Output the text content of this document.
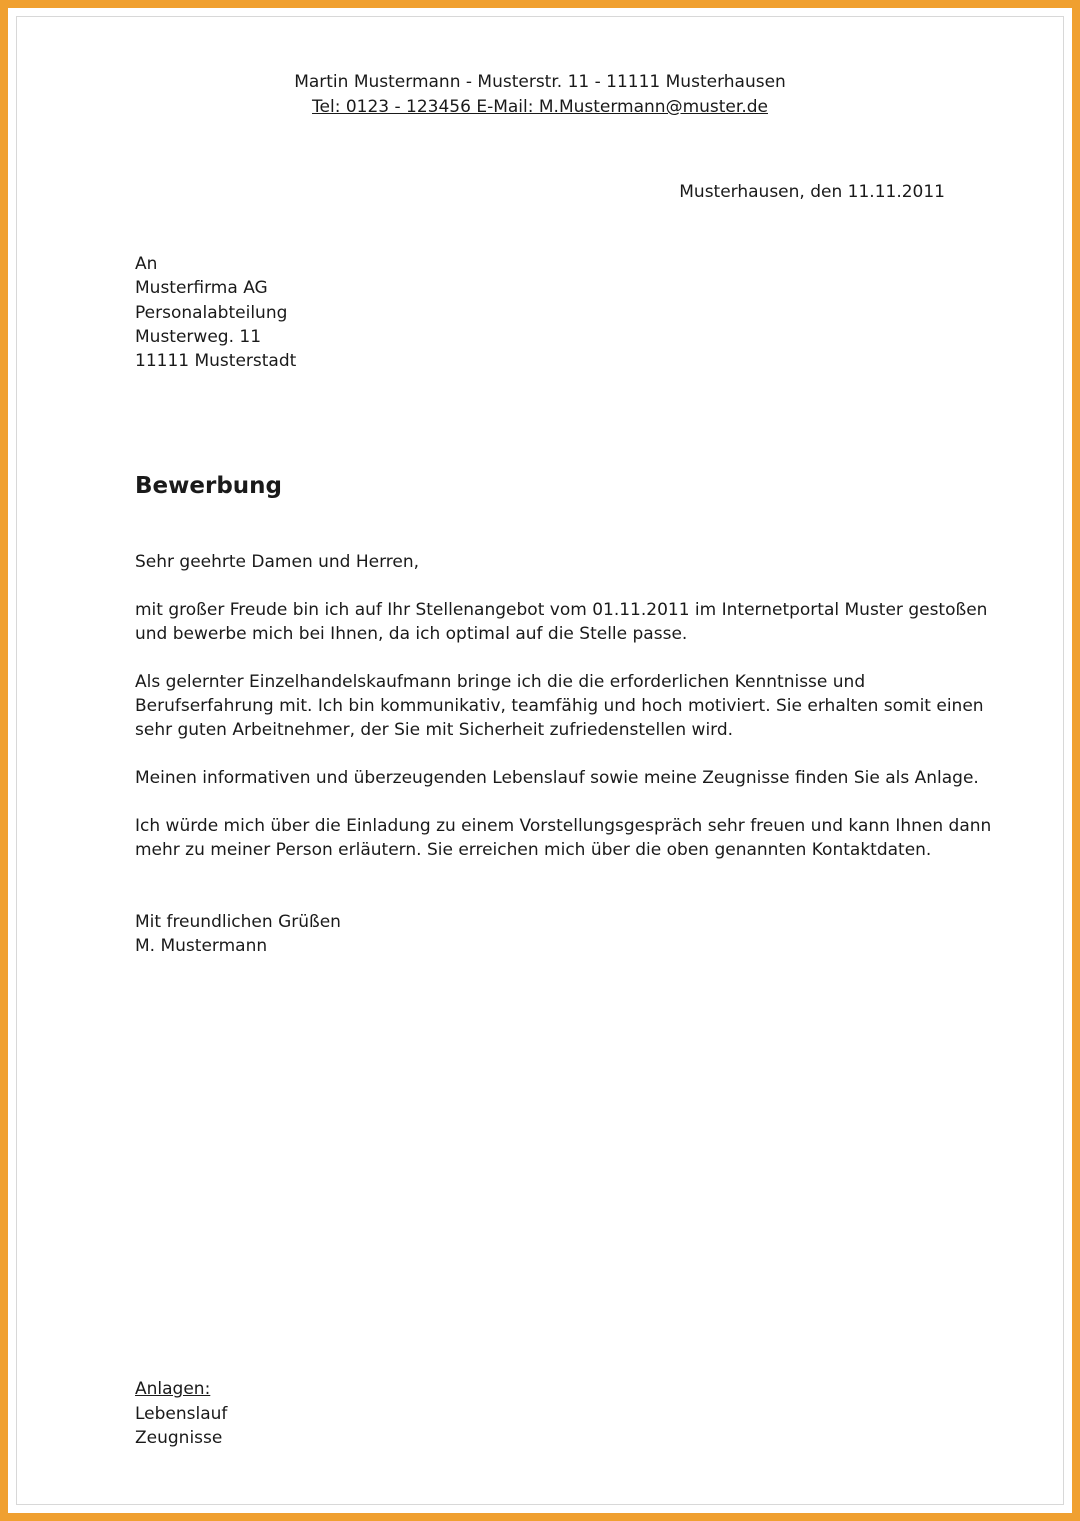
Martin Mustermann - Musterstr. 11 - 11111 Musterhausen
Tel: 0123 - 123456 E-Mail: M.Mustermann@muster.de
Musterhausen, den 11.11.2011
An
Musterfirma AG
Personalabteilung
Musterweg. 11
11111 Musterstadt
Bewerbung
Sehr geehrte Damen und Herren,
mit großer Freude bin ich auf Ihr Stellenangebot vom 01.11.2011 im Internetportal Muster gestoßen
und bewerbe mich bei Ihnen, da ich optimal auf die Stelle passe.
Als gelernter Einzelhandelskaufmann bringe ich die die erforderlichen Kenntnisse und
Berufserfahrung mit. Ich bin kommunikativ, teamfähig und hoch motiviert. Sie erhalten somit einen
sehr guten Arbeitnehmer, der Sie mit Sicherheit zufriedenstellen wird.
Meinen informativen und überzeugenden Lebenslauf sowie meine Zeugnisse finden Sie als Anlage.
Ich würde mich über die Einladung zu einem Vorstellungsgespräch sehr freuen und kann Ihnen dann
mehr zu meiner Person erläutern. Sie erreichen mich über die oben genannten Kontaktdaten.
Mit freundlichen Grüßen
M. Mustermann
Anlagen:
Lebenslauf
Zeugnisse
